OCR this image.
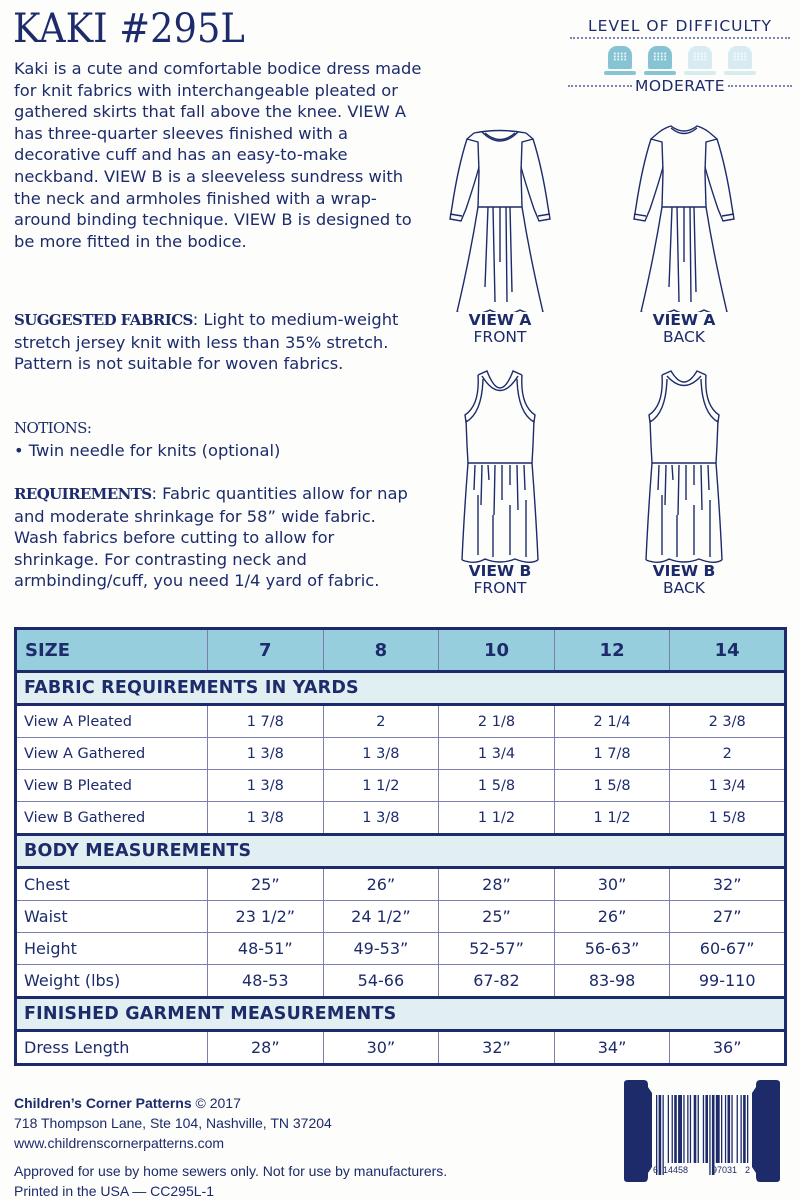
KAKI #295L

Kaki is a cute and comfortable bodice dress made for knit fabrics with interchangeable pleated or gathered skirts that fall above the knee. VIEW A has three-quarter sleeves finished with a decorative cuff and has an easy-to-make neckband. VIEW B is a sleeveless sundress with the neck and armholes finished with a wrap-around binding technique. VIEW B is designed to be more fitted in the bodice.

SUGGESTED FABRICS: Light to medium-weight stretch jersey knit with less than 35% stretch. Pattern is not suitable for woven fabrics.

NOTIONS:

• Twin needle for knits (optional)

REQUIREMENTS: Fabric quantities allow for nap and moderate shrinkage for 58” wide fabric. Wash fabrics before cutting to allow for shrinkage. For contrasting neck and armbinding/cuff, you need 1/4 yard of fabric.

LEVEL OF DIFFICULTY
MODERATE
VIEW A
FRONT
VIEW A
BACK
VIEW B
FRONT
VIEW B
BACK
SIZE	7	8	10	12	14
FABRIC REQUIREMENTS IN YARDS					
View A Pleated	1 7/8	2	2 1/8	2 1/4	2 3/8
View A Gathered	1 3/8	1 3/8	1 3/4	1 7/8	2
View B Pleated	1 3/8	1 1/2	1 5/8	1 5/8	1 3/4
View B Gathered	1 3/8	1 3/8	1 1/2	1 1/2	1 5/8
BODY MEASUREMENTS					
Chest	25”	26”	28”	30”	32”
Waist	23 1/2”	24 1/2”	25”	26”	27”
Height	48-51”	49-53”	52-57”	56-63”	60-67”
Weight (lbs)	48-53	54-66	67-82	83-98	99-110
FINISHED GARMENT MEASUREMENTS					
Dress Length	28”	30”	32”	34”	36”

Children’s Corner Patterns © 2017

718 Thompson Lane, Ste 104, Nashville, TN 37204

www.childrenscornerpatterns.com

Approved for use by home sewers only. Not for use by manufacturers.

Printed in the USA — CC295L-1

6 14458	97031 2
